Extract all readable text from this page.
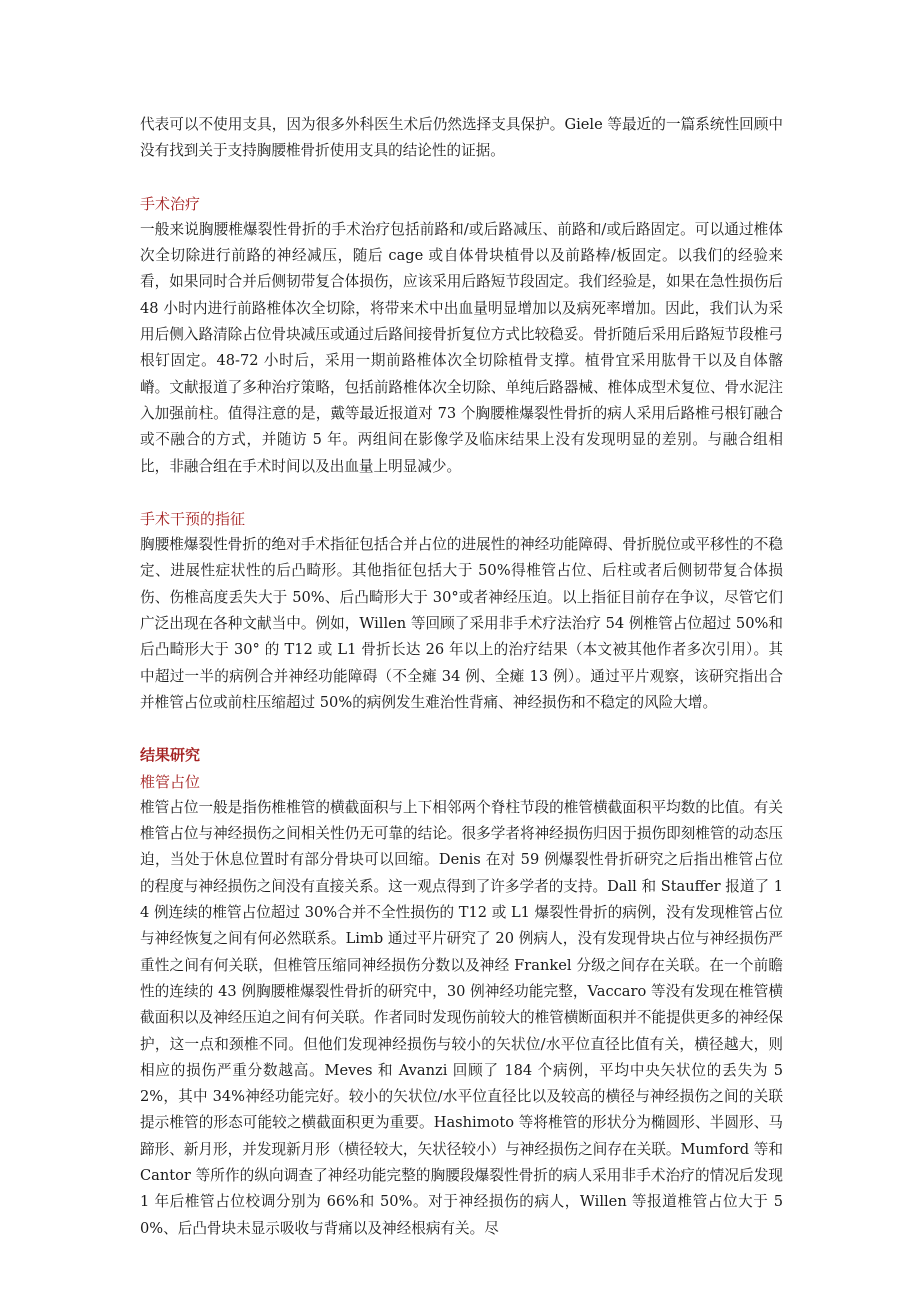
代表可以不使用支具，因为很多外科医生术后仍然选择支具保护。Giele 等最近的一篇系统性回顾中没有找到关于支持胸腰椎骨折使用支具的结论性的证据。

手术治疗

一般来说胸腰椎爆裂性骨折的手术治疗包括前路和/或后路减压、前路和/或后路固定。可以通过椎体次全切除进行前路的神经减压，随后 cage 或自体骨块植骨以及前路棒/板固定。以我们的经验来看，如果同时合并后侧韧带复合体损伤，应该采用后路短节段固定。我们经验是，如果在急性损伤后 48 小时内进行前路椎体次全切除，将带来术中出血量明显增加以及病死率增加。因此，我们认为采用后侧入路清除占位骨块减压或通过后路间接骨折复位方式比较稳妥。骨折随后采用后路短节段椎弓根钉固定。48-72 小时后，采用一期前路椎体次全切除植骨支撑。植骨宜采用肱骨干以及自体髂嵴。文献报道了多种治疗策略，包括前路椎体次全切除、单纯后路器械、椎体成型术复位、骨水泥注入加强前柱。值得注意的是，戴等最近报道对 73 个胸腰椎爆裂性骨折的病人采用后路椎弓根钉融合或不融合的方式，并随访 5 年。两组间在影像学及临床结果上没有发现明显的差别。与融合组相比，非融合组在手术时间以及出血量上明显减少。

手术干预的指征

胸腰椎爆裂性骨折的绝对手术指征包括合并占位的进展性的神经功能障碍、骨折脱位或平移性的不稳定、进展性症状性的后凸畸形。其他指征包括大于 50%得椎管占位、后柱或者后侧韧带复合体损伤、伤椎高度丢失大于 50%、后凸畸形大于 30°或者神经压迫。以上指征目前存在争议，尽管它们广泛出现在各种文献当中。例如，Willen 等回顾了采用非手术疗法治疗 54 例椎管占位超过 50%和后凸畸形大于 30° 的 T12 或 L1 骨折长达 26 年以上的治疗结果（本文被其他作者多次引用）。其中超过一半的病例合并神经功能障碍（不全瘫 34 例、全瘫 13 例）。通过平片观察，该研究指出合并椎管占位或前柱压缩超过 50%的病例发生难治性背痛、神经损伤和不稳定的风险大增。

结果研究

椎管占位

椎管占位一般是指伤椎椎管的横截面积与上下相邻两个脊柱节段的椎管横截面积平均数的比值。有关椎管占位与神经损伤之间相关性仍无可靠的结论。很多学者将神经损伤归因于损伤即刻椎管的动态压迫，当处于休息位置时有部分骨块可以回缩。Denis 在对 59 例爆裂性骨折研究之后指出椎管占位的程度与神经损伤之间没有直接关系。这一观点得到了许多学者的支持。Dall 和 Stauffer 报道了 14 例连续的椎管占位超过 30%合并不全性损伤的 T12 或 L1 爆裂性骨折的病例，没有发现椎管占位与神经恢复之间有何必然联系。Limb 通过平片研究了 20 例病人，没有发现骨块占位与神经损伤严重性之间有何关联，但椎管压缩同神经损伤分数以及神经 Frankel 分级之间存在关联。在一个前瞻性的连续的 43 例胸腰椎爆裂性骨折的研究中，30 例神经功能完整，Vaccaro 等没有发现在椎管横截面积以及神经压迫之间有何关联。作者同时发现伤前较大的椎管横断面积并不能提供更多的神经保护，这一点和颈椎不同。但他们发现神经损伤与较小的矢状位/水平位直径比值有关，横径越大，则相应的损伤严重分数越高。Meves 和 Avanzi 回顾了 184 个病例，平均中央矢状位的丢失为 52%，其中 34%神经功能完好。较小的矢状位/水平位直径比以及较高的横径与神经损伤之间的关联提示椎管的形态可能较之横截面积更为重要。Hashimoto 等将椎管的形状分为椭圆形、半圆形、马蹄形、新月形，并发现新月形（横径较大，矢状径较小）与神经损伤之间存在关联。Mumford 等和 Cantor 等所作的纵向调查了神经功能完整的胸腰段爆裂性骨折的病人采用非手术治疗的情况后发现 1 年后椎管占位校调分别为 66%和 50%。对于神经损伤的病人，Willen 等报道椎管占位大于 50%、后凸骨块未显示吸收与背痛以及神经根病有关。尽
